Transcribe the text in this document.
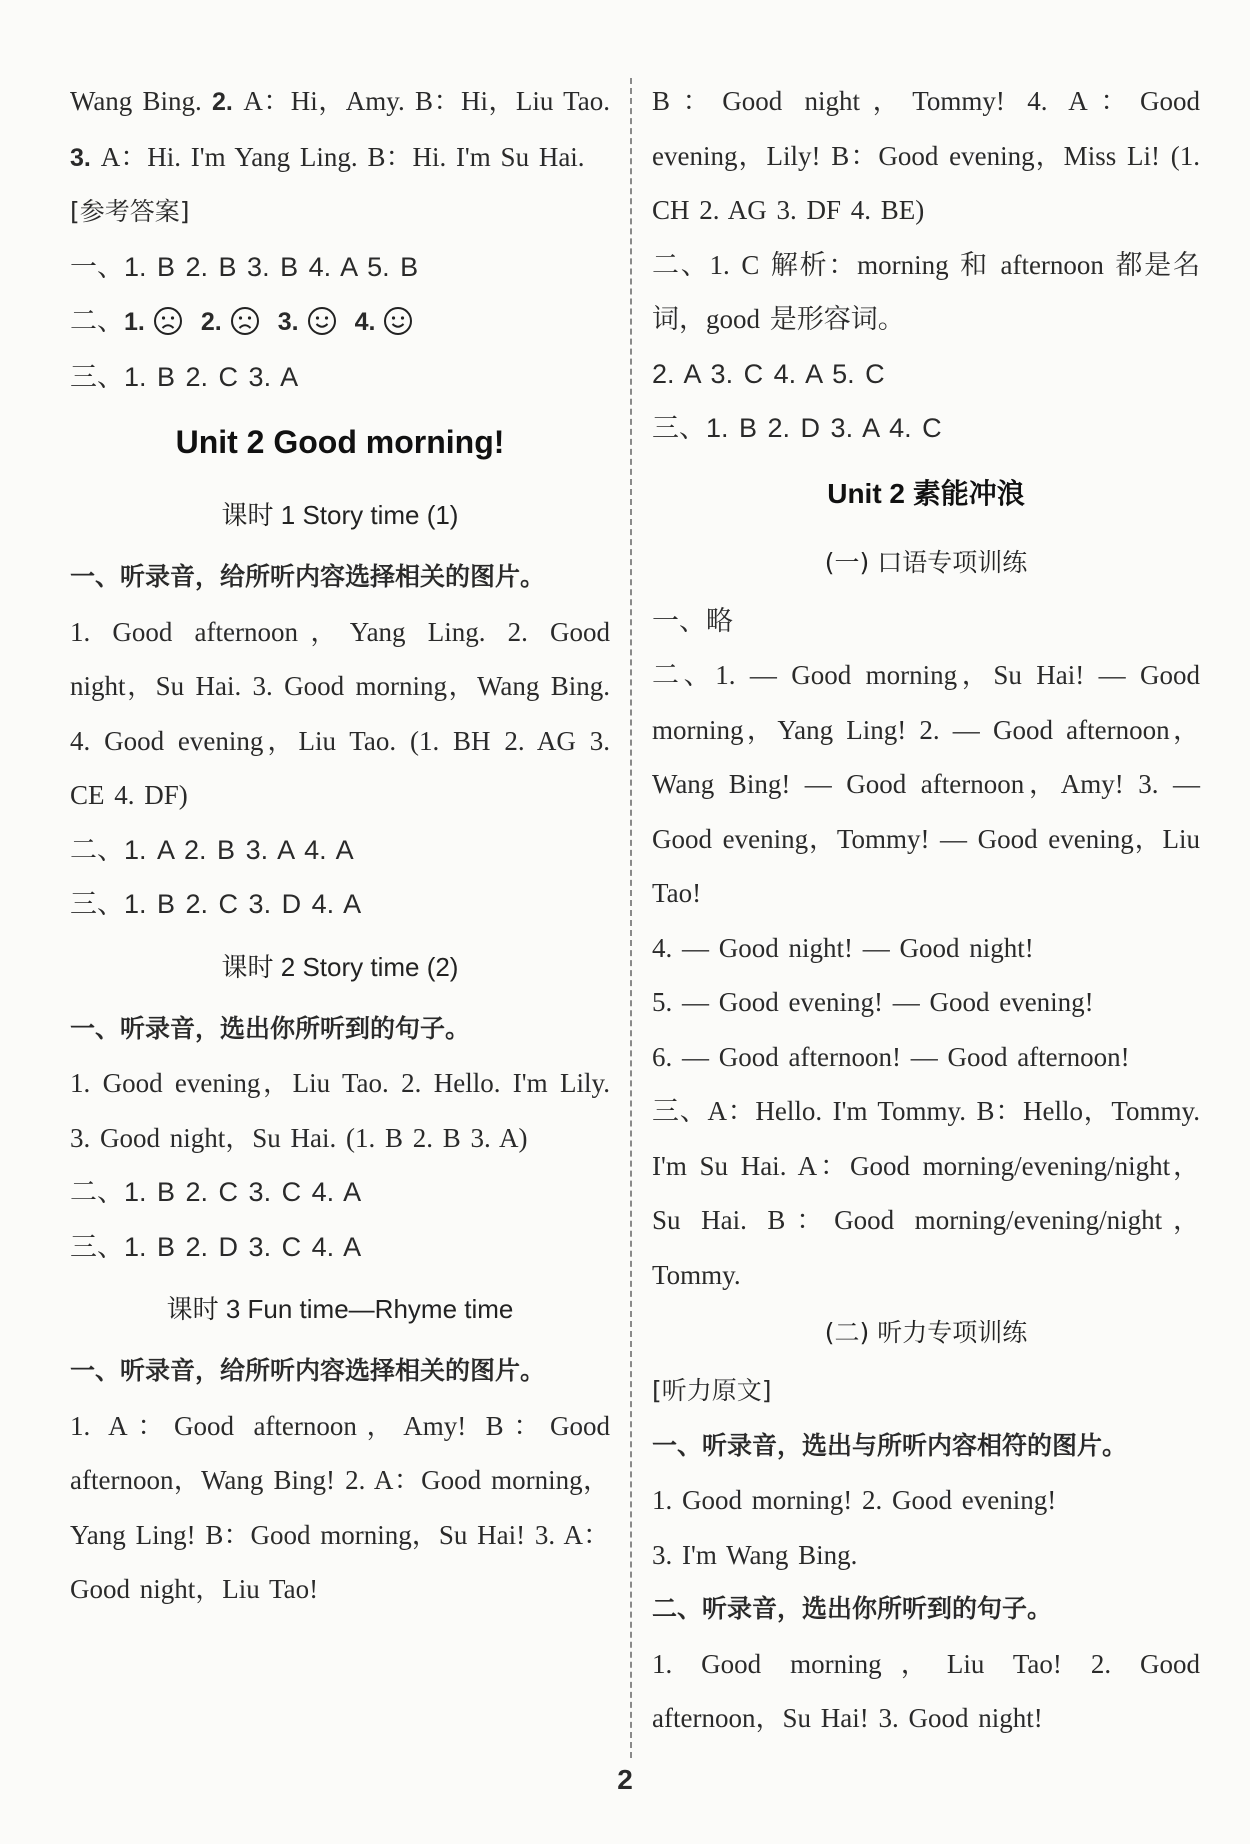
Wang Bing. 2. A：Hi，Amy. B：Hi，Liu Tao. 3. A：Hi. I'm Yang Ling. B：Hi. I'm Su Hai.

[参考答案]

一、1. B 2. B 3. B 4. A 5. B

二、1. 2. 3. 4.

三、1. B 2. C 3. A

Unit 2 Good morning!

课时 1 Story time (1)

一、听录音，给所听内容选择相关的图片。

1. Good afternoon，Yang Ling. 2. Good night，Su Hai. 3. Good morning，Wang Bing. 4. Good evening，Liu Tao. (1. BH 2. AG 3. CE 4. DF)

二、1. A 2. B 3. A 4. A

三、1. B 2. C 3. D 4. A

课时 2 Story time (2)

一、听录音，选出你所听到的句子。

1. Good evening，Liu Tao. 2. Hello. I'm Lily. 3. Good night，Su Hai. (1. B 2. B 3. A)

二、1. B 2. C 3. C 4. A

三、1. B 2. D 3. C 4. A

课时 3 Fun time—Rhyme time

一、听录音，给所听内容选择相关的图片。

1. A：Good afternoon，Amy! B：Good afternoon，Wang Bing! 2. A：Good morning，Yang Ling! B：Good morning，Su Hai! 3. A：Good night，Liu Tao!

B：Good night，Tommy! 4. A：Good evening，Lily! B：Good evening，Miss Li! (1. CH 2. AG 3. DF 4. BE)

二、1. C 解析：morning 和 afternoon 都是名词，good 是形容词。

2. A 3. C 4. A 5. C

三、1. B 2. D 3. A 4. C

Unit 2 素能冲浪

(一) 口语专项训练

一、略

二、1. — Good morning，Su Hai! — Good morning，Yang Ling! 2. — Good afternoon，Wang Bing! — Good afternoon，Amy! 3. — Good evening，Tommy! — Good evening，Liu Tao!

4. — Good night! — Good night!

5. — Good evening! — Good evening!

6. — Good afternoon! — Good afternoon!

三、A：Hello. I'm Tommy. B：Hello，Tommy. I'm Su Hai. A：Good morning/evening/night，Su Hai. B：Good morning/evening/night，Tommy.

(二) 听力专项训练

[听力原文]

一、听录音，选出与所听内容相符的图片。

1. Good morning! 2. Good evening!

3. I'm Wang Bing.

二、听录音，选出你所听到的句子。

1. Good morning，Liu Tao! 2. Good afternoon，Su Hai! 3. Good night!

2
